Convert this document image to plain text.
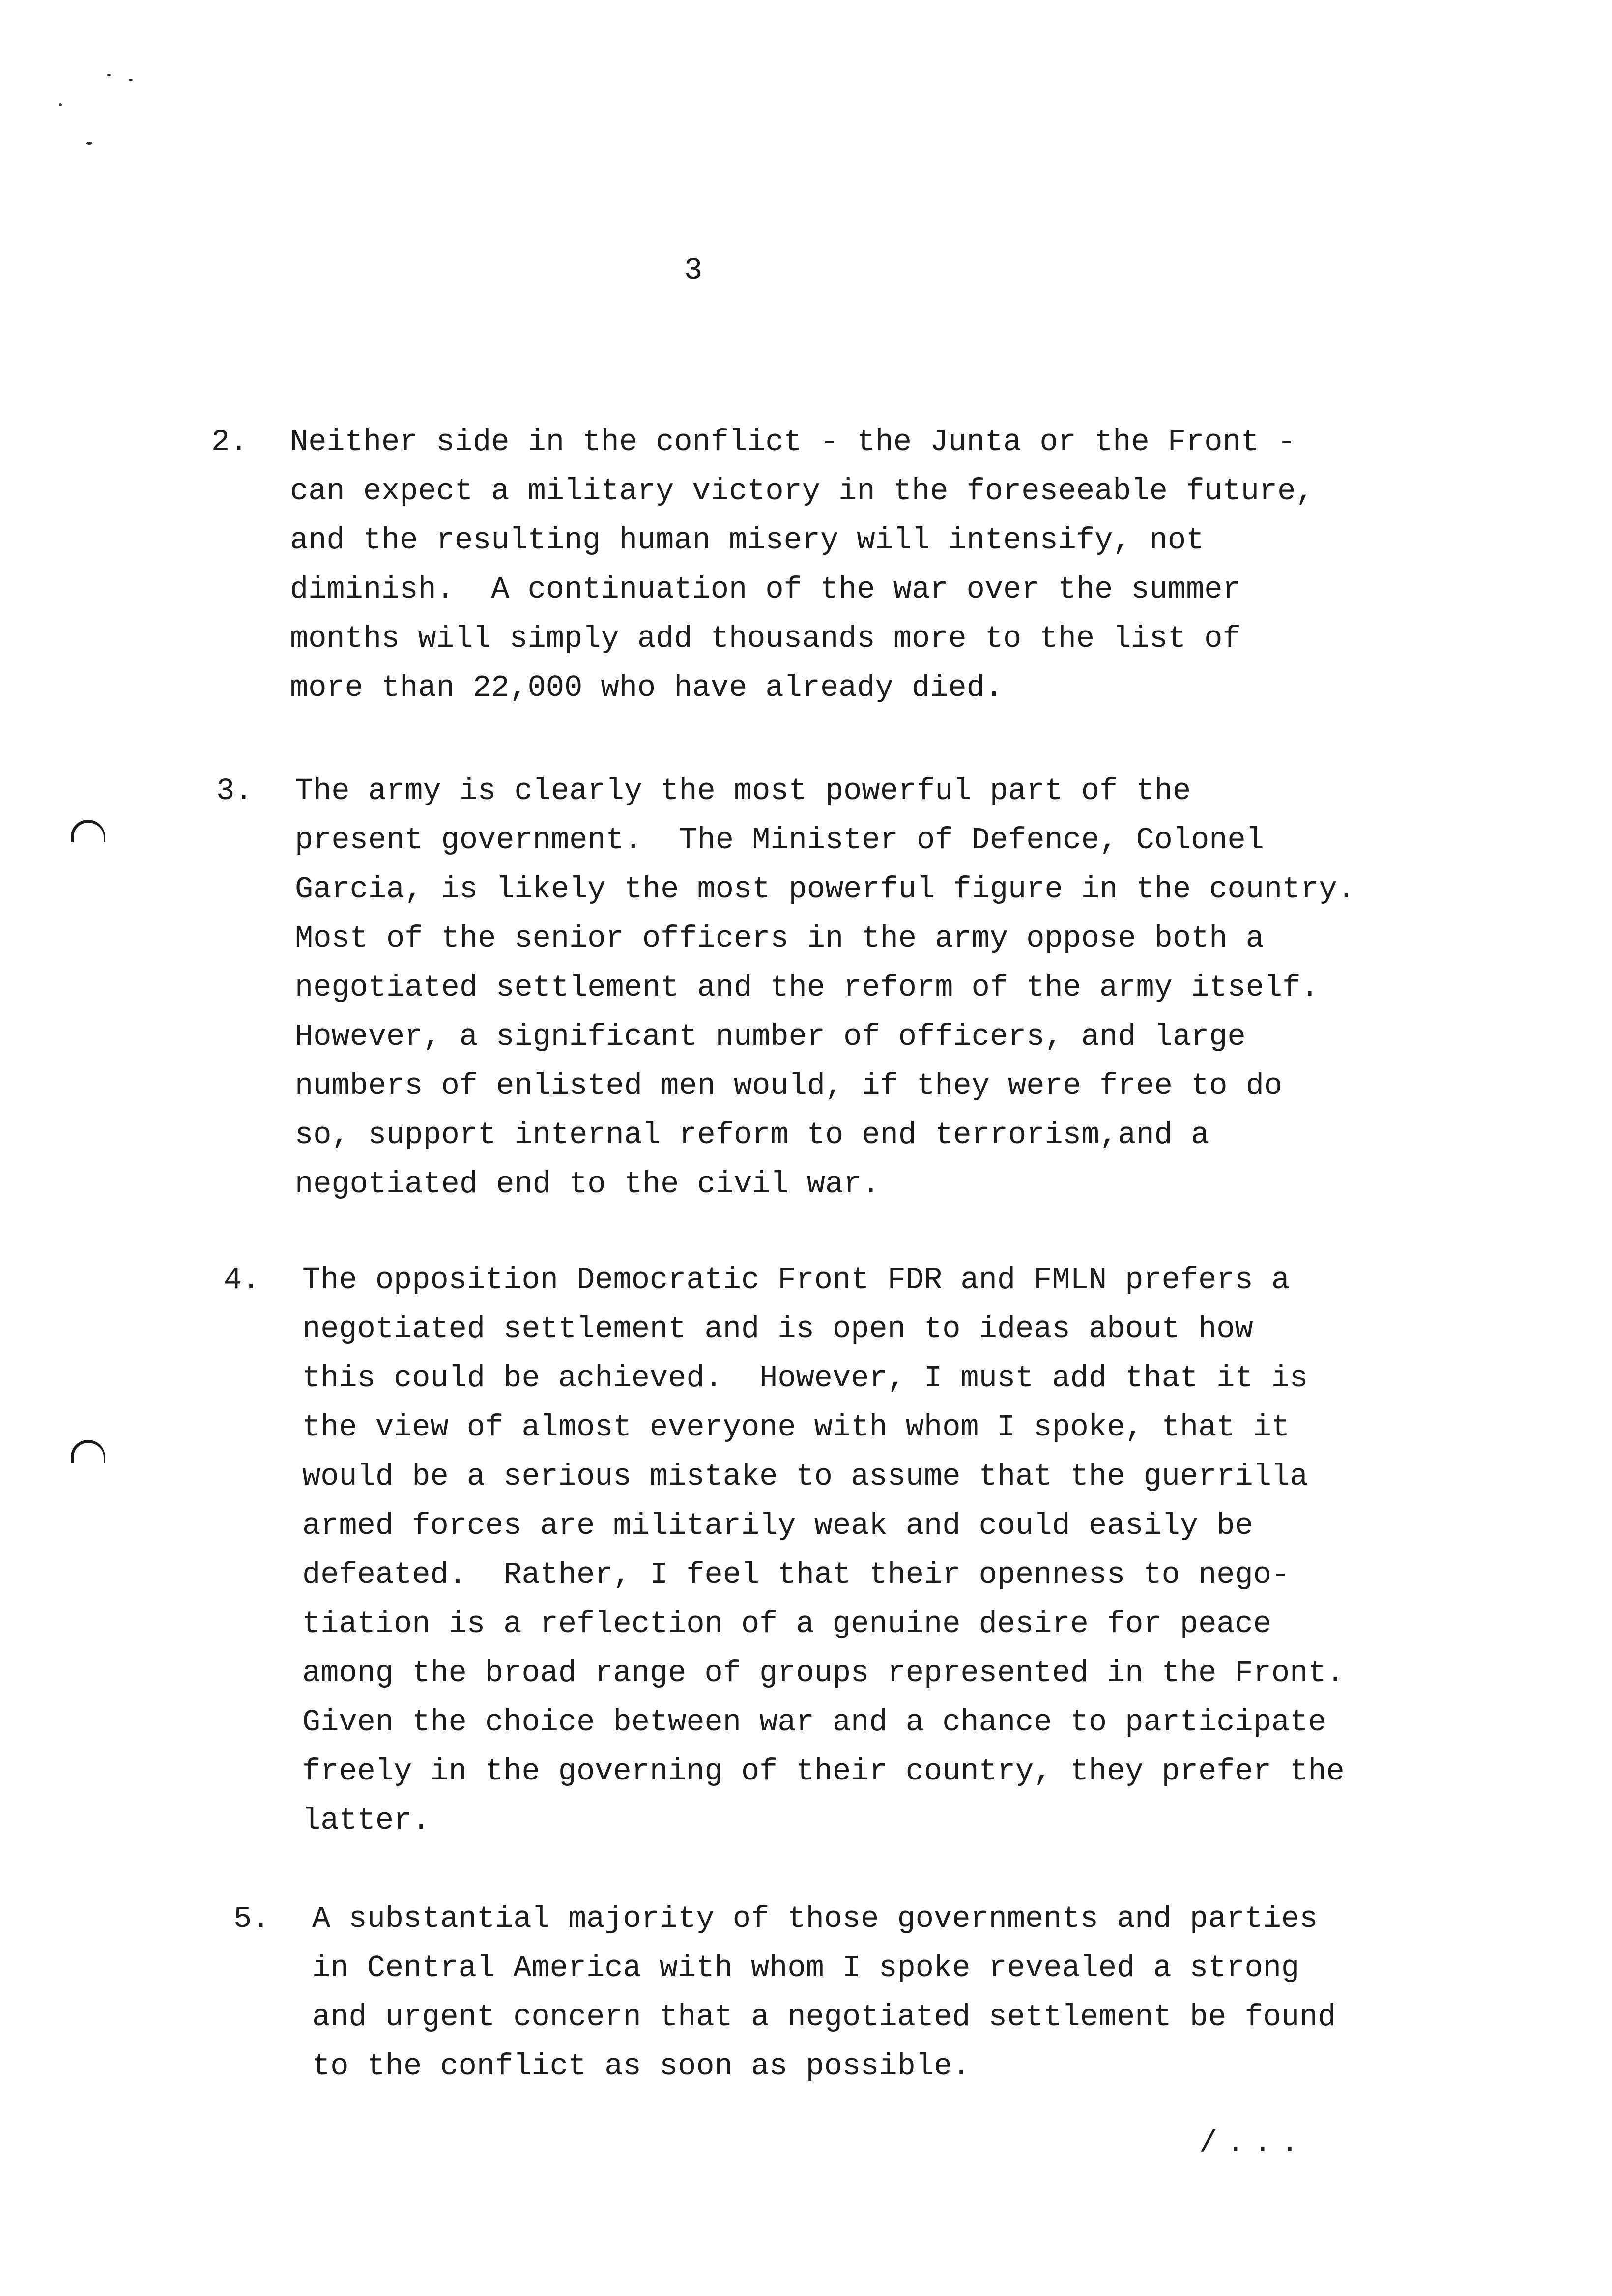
3
2.	Neither side in the conflict - the Junta or the Front -
can expect a military victory in the foreseeable future,
and the resulting human misery will intensify, not
diminish.  A continuation of the war over the summer
months will simply add thousands more to the list of
more than 22,000 who have already died.
3.	The army is clearly the most powerful part of the
present government.  The Minister of Defence, Colonel
Garcia, is likely the most powerful figure in the country.
Most of the senior officers in the army oppose both a
negotiated settlement and the reform of the army itself.
However, a significant number of officers, and large
numbers of enlisted men would, if they were free to do
so, support internal reform to end terrorism,and a
negotiated end to the civil war.
4.	The opposition Democratic Front FDR and FMLN prefers a
negotiated settlement and is open to ideas about how
this could be achieved.  However, I must add that it is
the view of almost everyone with whom I spoke, that it
would be a serious mistake to assume that the guerrilla
armed forces are militarily weak and could easily be
defeated.  Rather, I feel that their openness to nego-
tiation is a reflection of a genuine desire for peace
among the broad range of groups represented in the Front.
Given the choice between war and a chance to participate
freely in the governing of their country, they prefer the
latter.
5.	A substantial majority of those governments and parties
in Central America with whom I spoke revealed a strong
and urgent concern that a negotiated settlement be found
to the conflict as soon as possible.
/...
